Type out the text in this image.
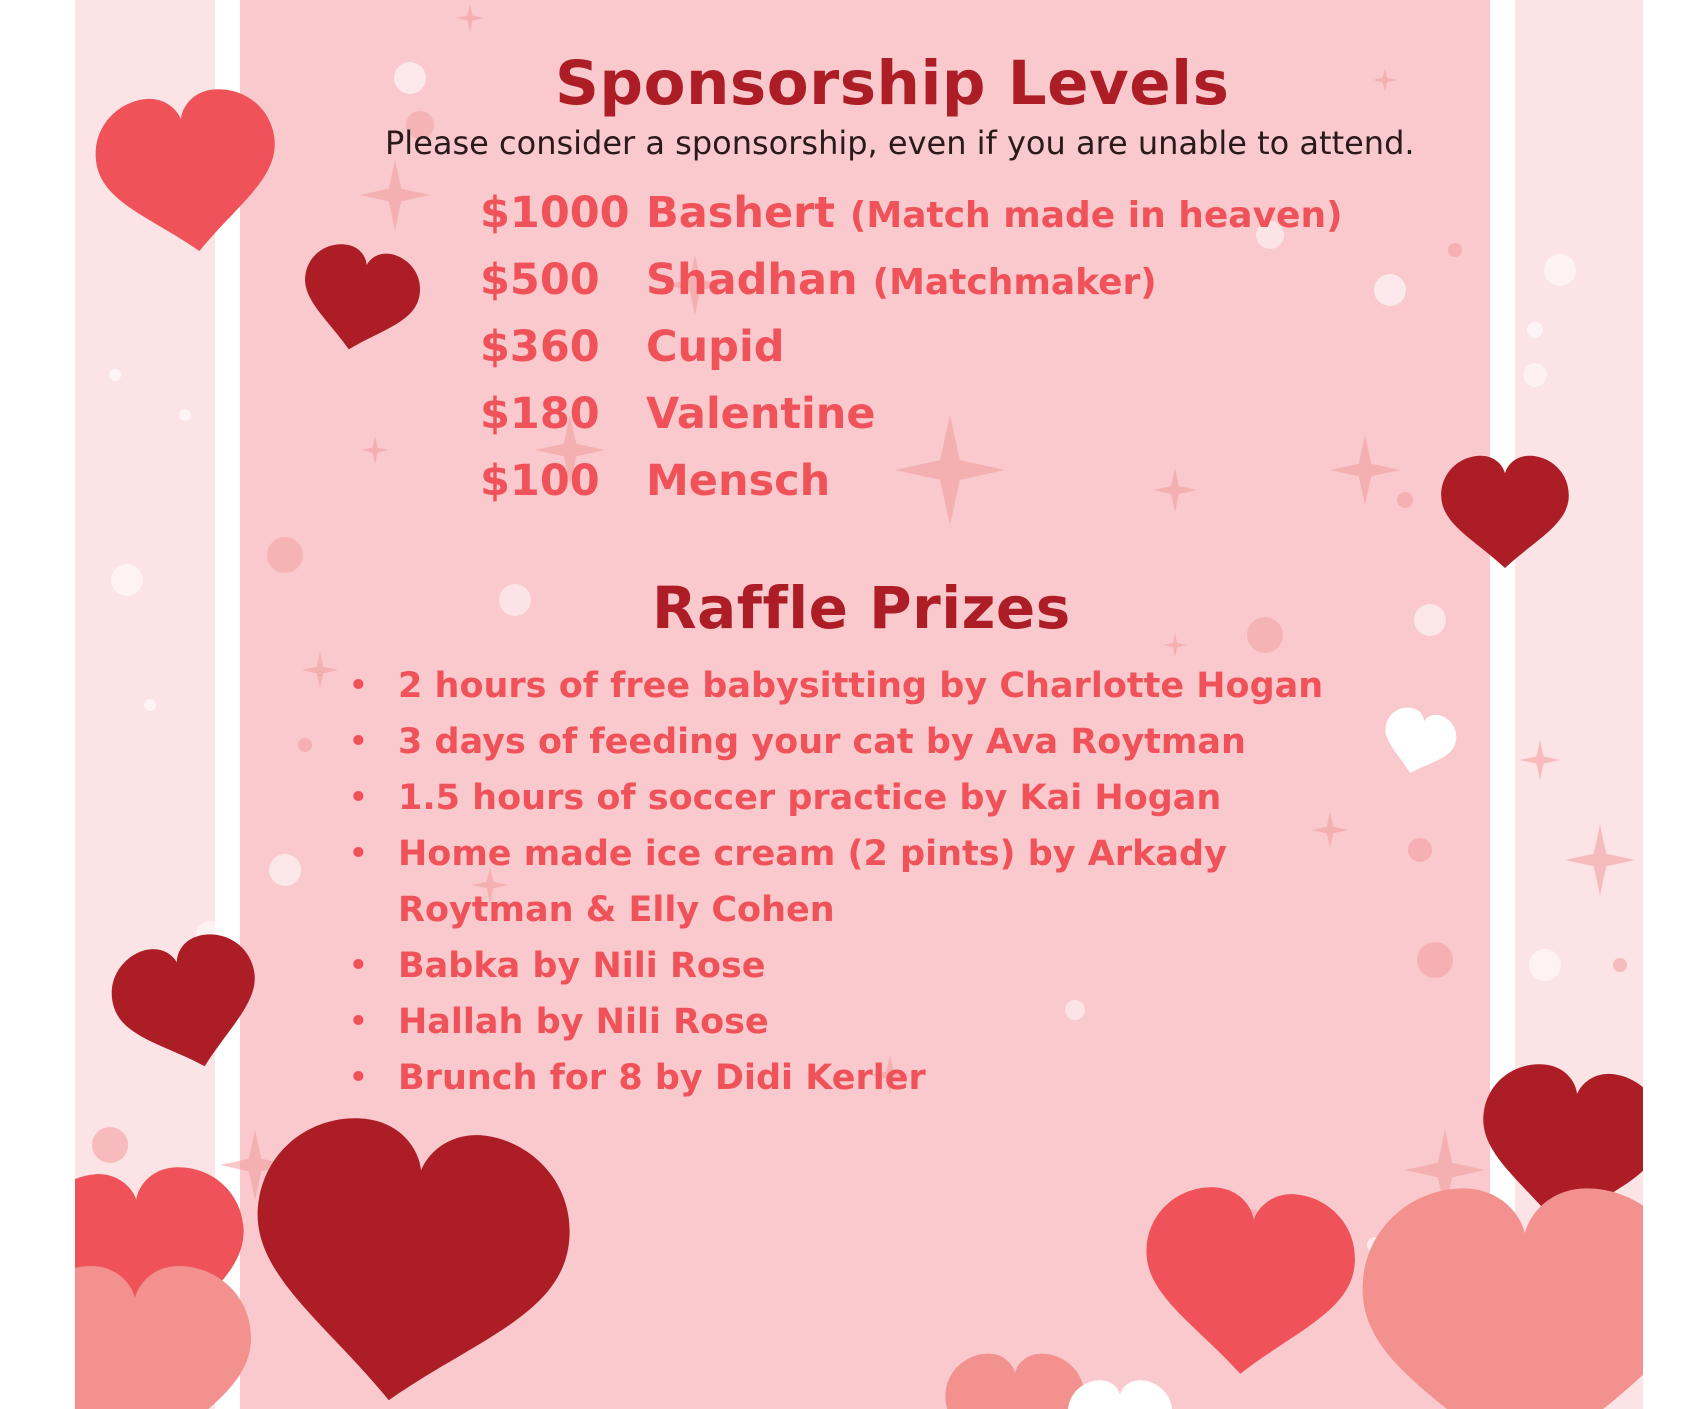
Sponsorship Levels

Please consider a sponsorship, even if you are unable to attend.

$1000 Bashert (Match made in heaven)
$500 Shadhan (Matchmaker)
$360 Cupid
$180 Valentine
$100 Mensch
Raffle Prizes
• 2 hours of free babysitting by Charlotte Hogan
• 3 days of feeding your cat by Ava Roytman
• 1.5 hours of soccer practice by Kai Hogan
• Home made ice cream (2 pints) by Arkady Roytman & Elly Cohen
• Babka by Nili Rose
• Hallah by Nili Rose
• Brunch for 8 by Didi Kerler
